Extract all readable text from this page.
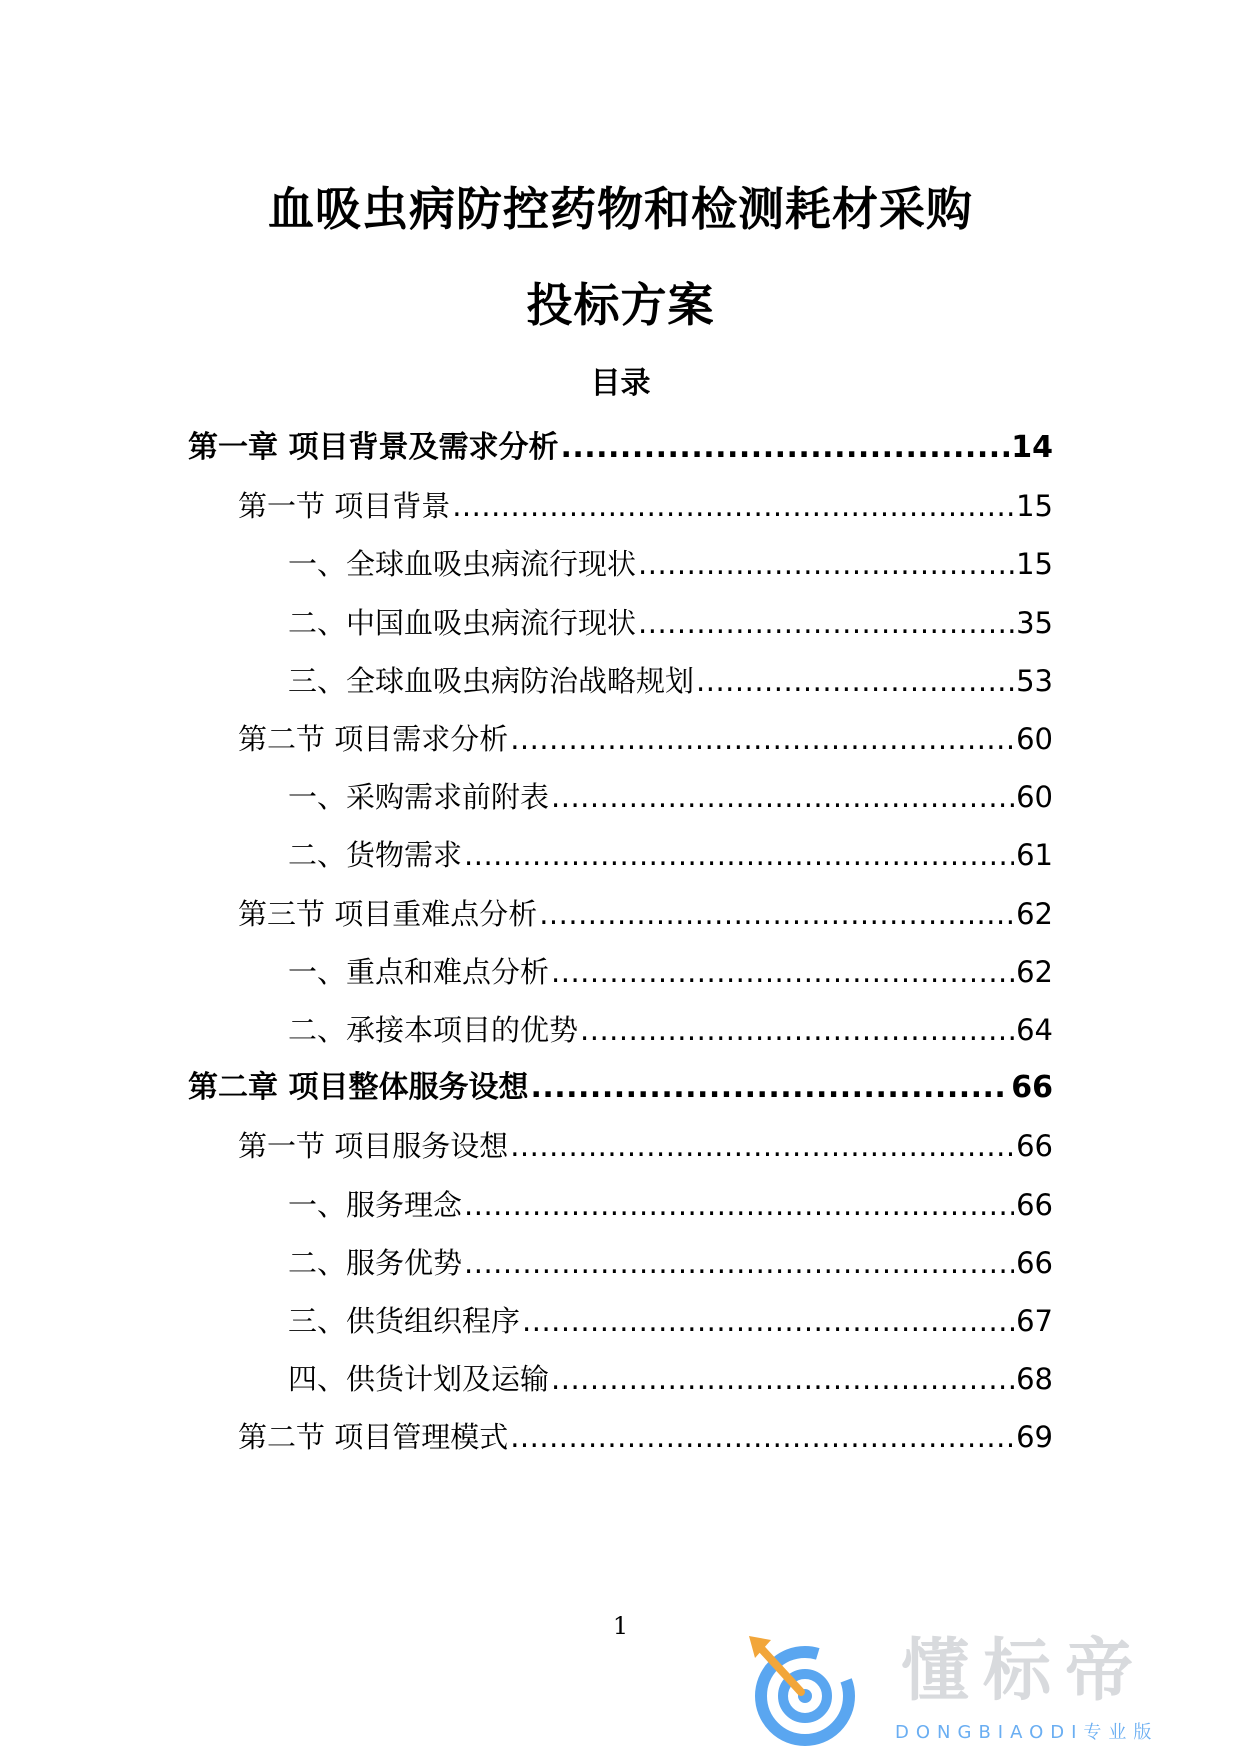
血吸虫病防控药物和检测耗材采购
投标方案
目录
第一章 项目背景及需求分析 .....	14
第一节 项目背景 .....	15
一、全球血吸虫病流行现状 .....	15
二、中国血吸虫病流行现状 .....	35
三、全球血吸虫病防治战略规划 .....	53
第二节 项目需求分析 .....	60
一、采购需求前附表 .....	60
二、货物需求 .....	61
第三节 项目重难点分析 .....	62
一、重点和难点分析 .....	62
二、承接本项目的优势 .....	64
第二章 项目整体服务设想 .....	66
第一节 项目服务设想 .....	66
一、服务理念 .....	66
二、服务优势 .....	66
三、供货组织程序 .....	67
四、供货计划及运输 .....	68
第二节 项目管理模式 .....	69
1
懂标帝
DONGBIAODI专业版
